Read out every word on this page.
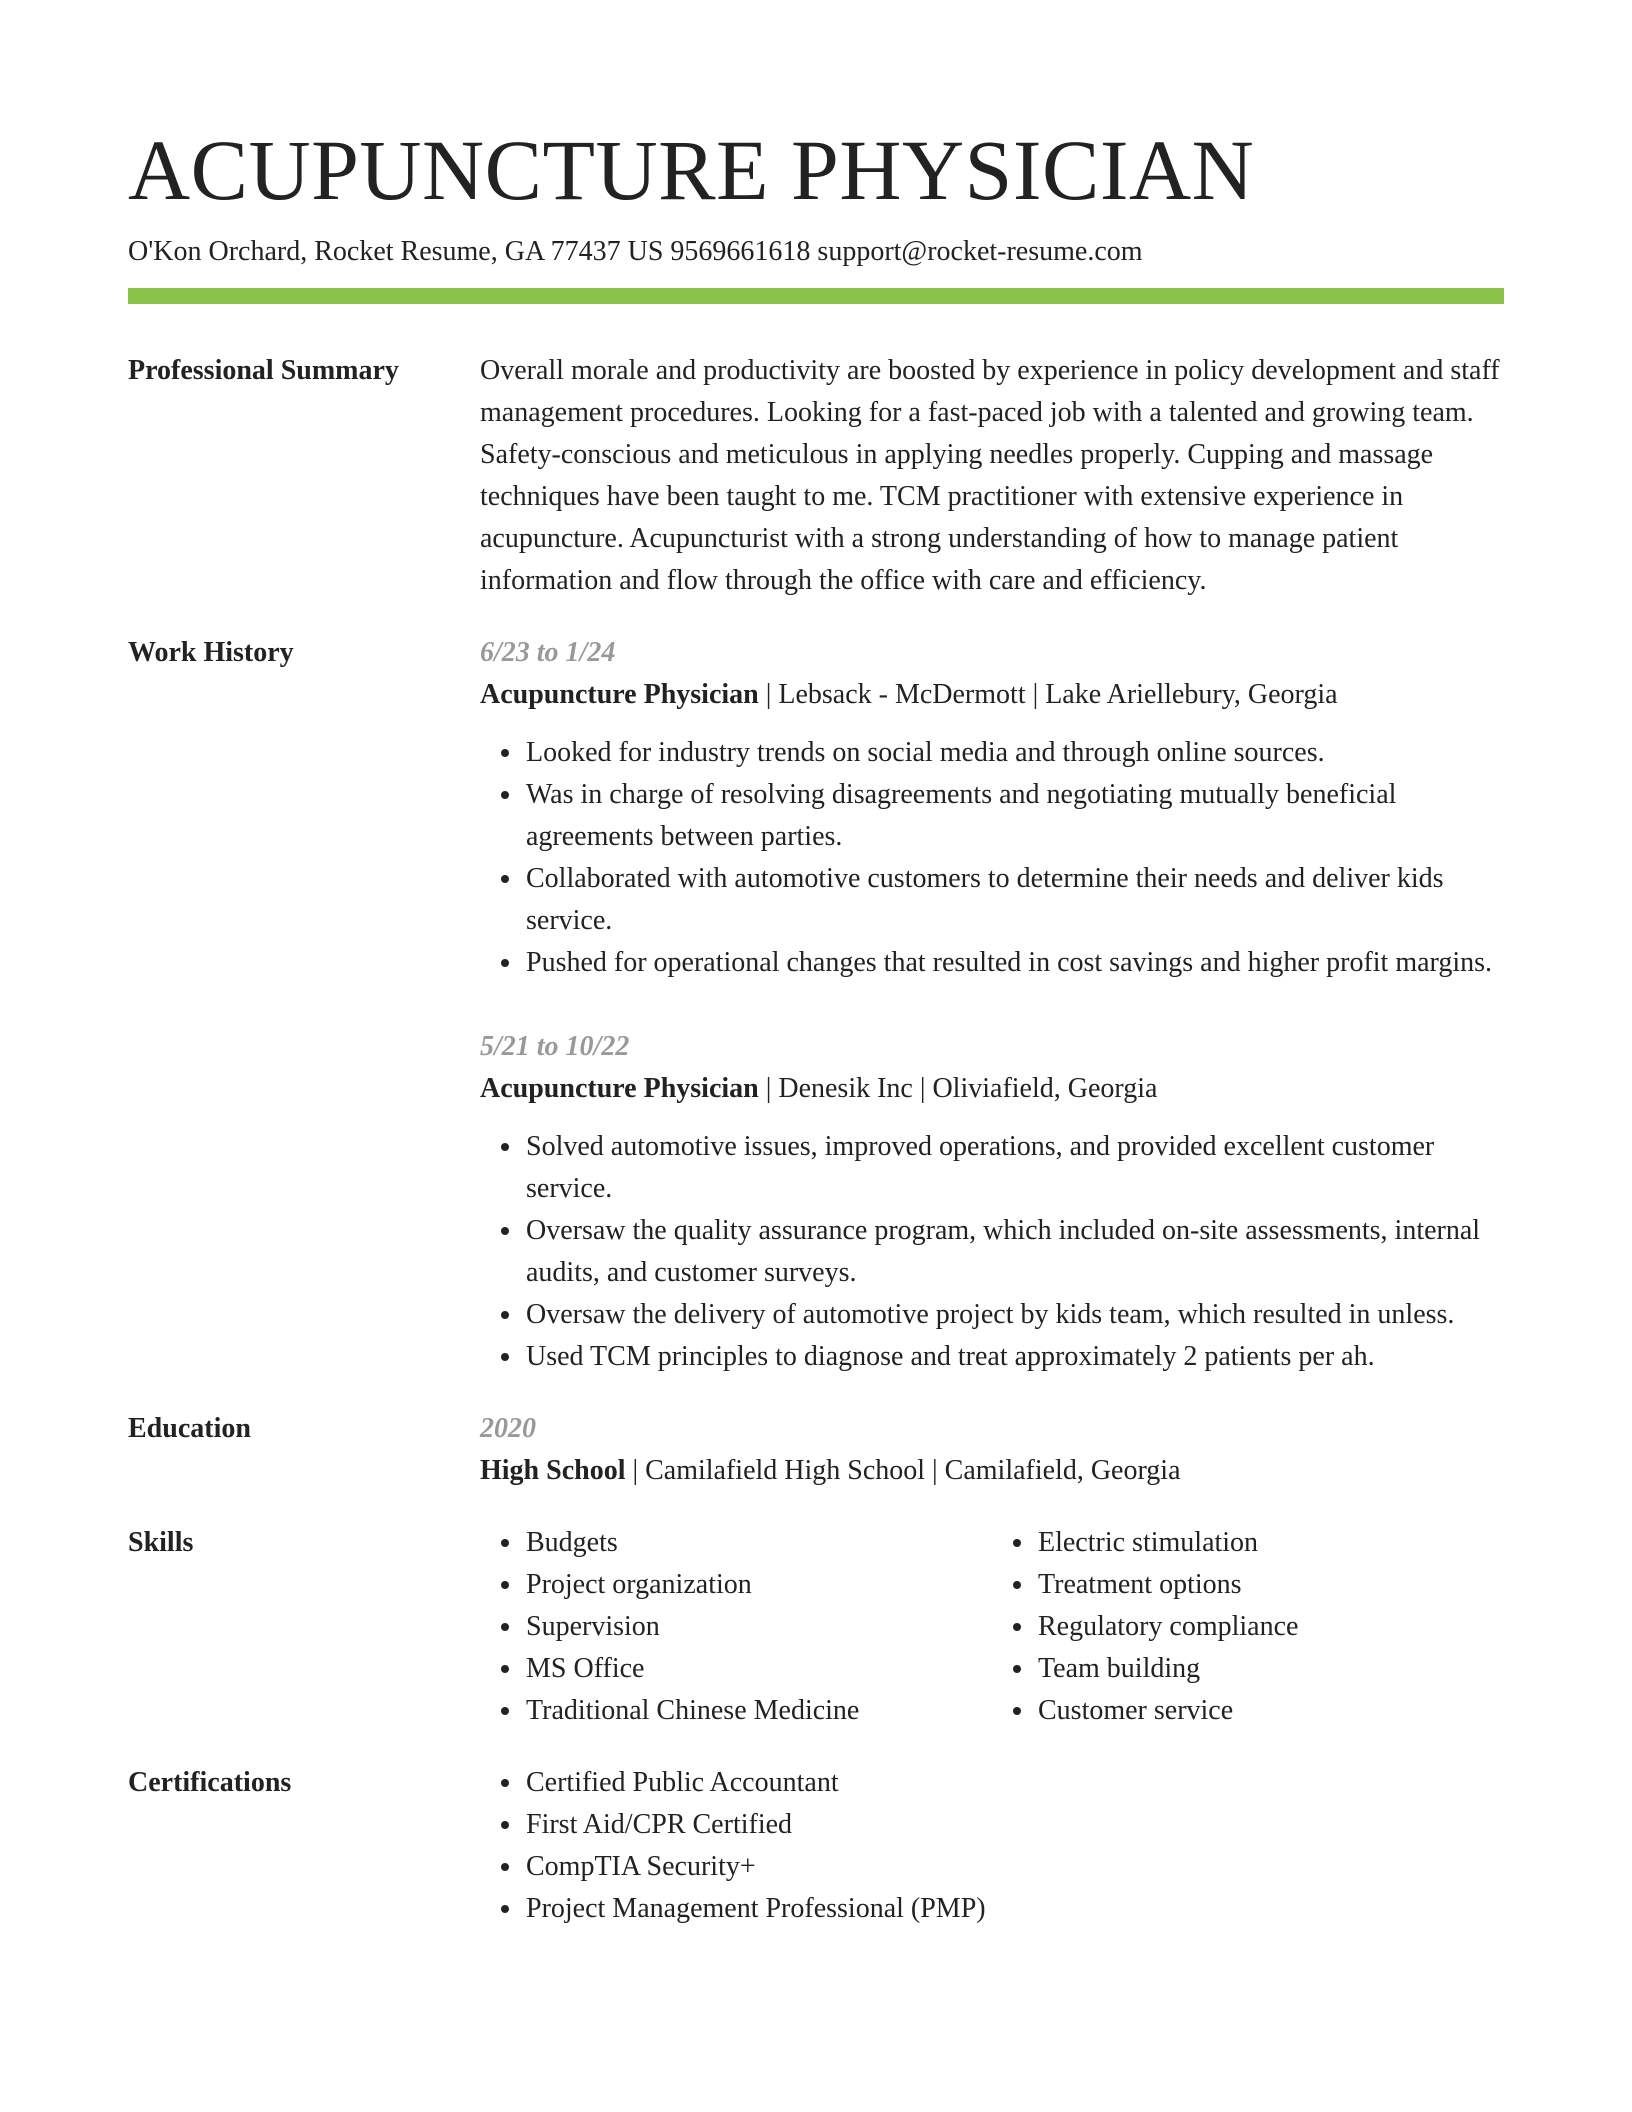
ACUPUNCTURE PHYSICIAN
O'Kon Orchard, Rocket Resume, GA 77437 US 9569661618 support@rocket-resume.com
Professional Summary	Overall morale and productivity are boosted by experience in policy development and staff management procedures. Looking for a fast-paced job with a talented and growing team. Safety-conscious and meticulous in applying needles properly. Cupping and massage techniques have been taught to me. TCM practitioner with extensive experience in acupuncture. Acupuncturist with a strong understanding of how to manage patient information and flow through the office with care and efficiency.

Work History	6/23 to 1/24
Acupuncture Physician | Lebsack - McDermott | Lake Ariellebury, Georgia
• Looked for industry trends on social media and through online sources.
• Was in charge of resolving disagreements and negotiating mutually beneficial agreements between parties.
• Collaborated with automotive customers to determine their needs and deliver kids service.
• Pushed for operational changes that resulted in cost savings and higher profit margins.
5/21 to 10/22
Acupuncture Physician | Denesik Inc | Oliviafield, Georgia
• Solved automotive issues, improved operations, and provided excellent customer service.
• Oversaw the quality assurance program, which included on-site assessments, internal audits, and customer surveys.
• Oversaw the delivery of automotive project by kids team, which resulted in unless.
• Used TCM principles to diagnose and treat approximately 2 patients per ah.
Education	2020
High School | Camilafield High School | Camilafield, Georgia
Skills	• Budgets
• Project organization
• Supervision
• MS Office
• Traditional Chinese Medicine
• Electric stimulation
• Treatment options
• Regulatory compliance
• Team building
• Customer service
Certifications	• Certified Public Accountant
• First Aid/CPR Certified
• CompTIA Security+
• Project Management Professional (PMP)
